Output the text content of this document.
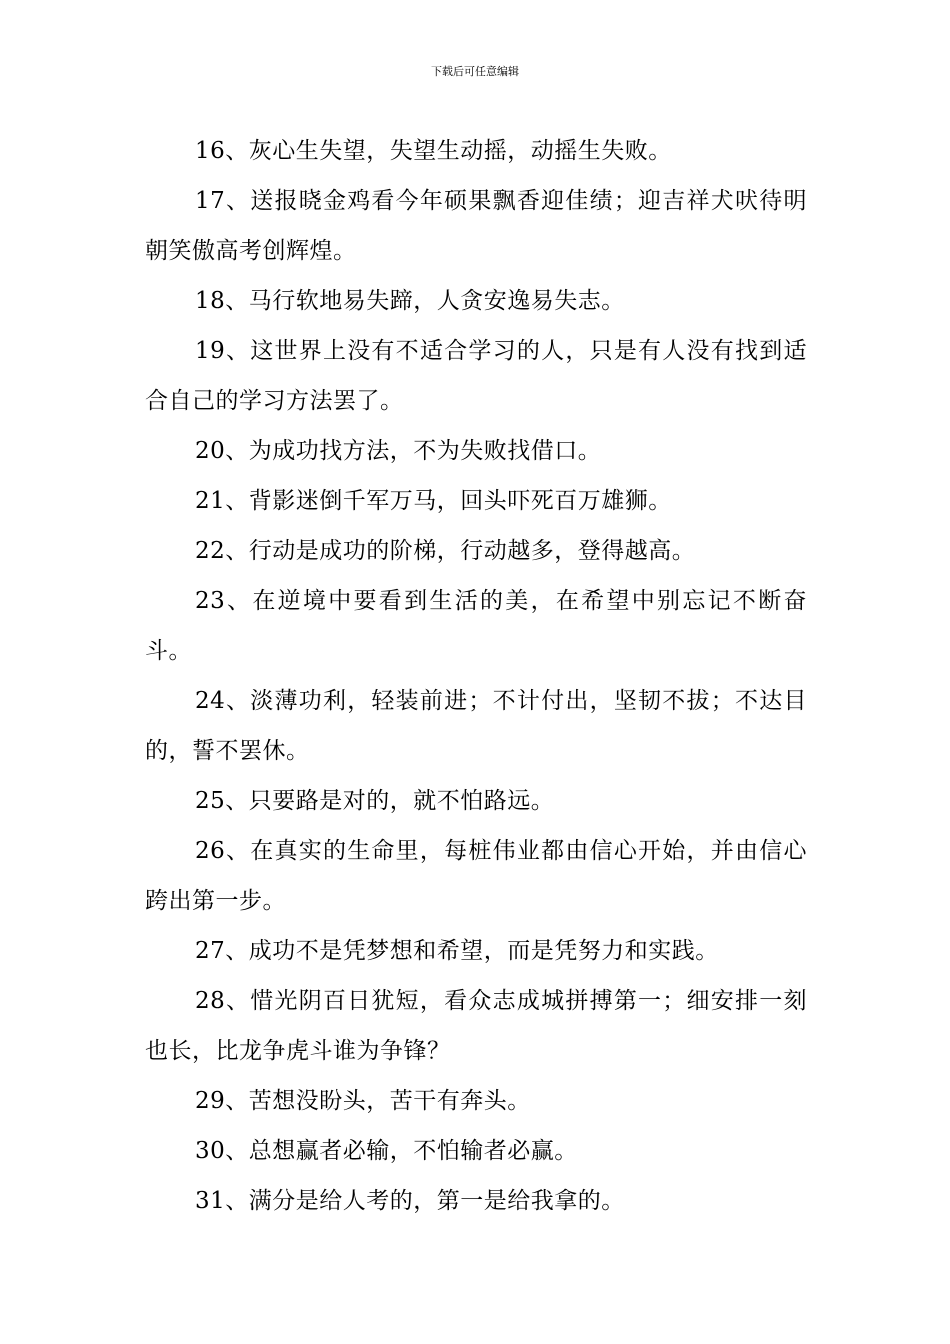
下载后可任意编辑

16、灰心生失望，失望生动摇，动摇生失败。

17、送报晓金鸡看今年硕果飘香迎佳绩；迎吉祥犬吠待明朝笑傲高考创辉煌。

18、马行软地易失蹄，人贪安逸易失志。

19、这世界上没有不适合学习的人，只是有人没有找到适合自己的学习方法罢了。

20、为成功找方法，不为失败找借口。

21、背影迷倒千军万马，回头吓死百万雄狮。

22、行动是成功的阶梯，行动越多，登得越高。

23、在逆境中要看到生活的美，在希望中别忘记不断奋斗。

24、淡薄功利，轻装前进；不计付出，坚韧不拔；不达目的，誓不罢休。

25、只要路是对的，就不怕路远。

26、在真实的生命里，每桩伟业都由信心开始，并由信心跨出第一步。

27、成功不是凭梦想和希望，而是凭努力和实践。

28、惜光阴百日犹短，看众志成城拼搏第一；细安排一刻也长，比龙争虎斗谁为争锋？

29、苦想没盼头，苦干有奔头。

30、总想赢者必输，不怕输者必赢。

31、满分是给人考的，第一是给我拿的。
